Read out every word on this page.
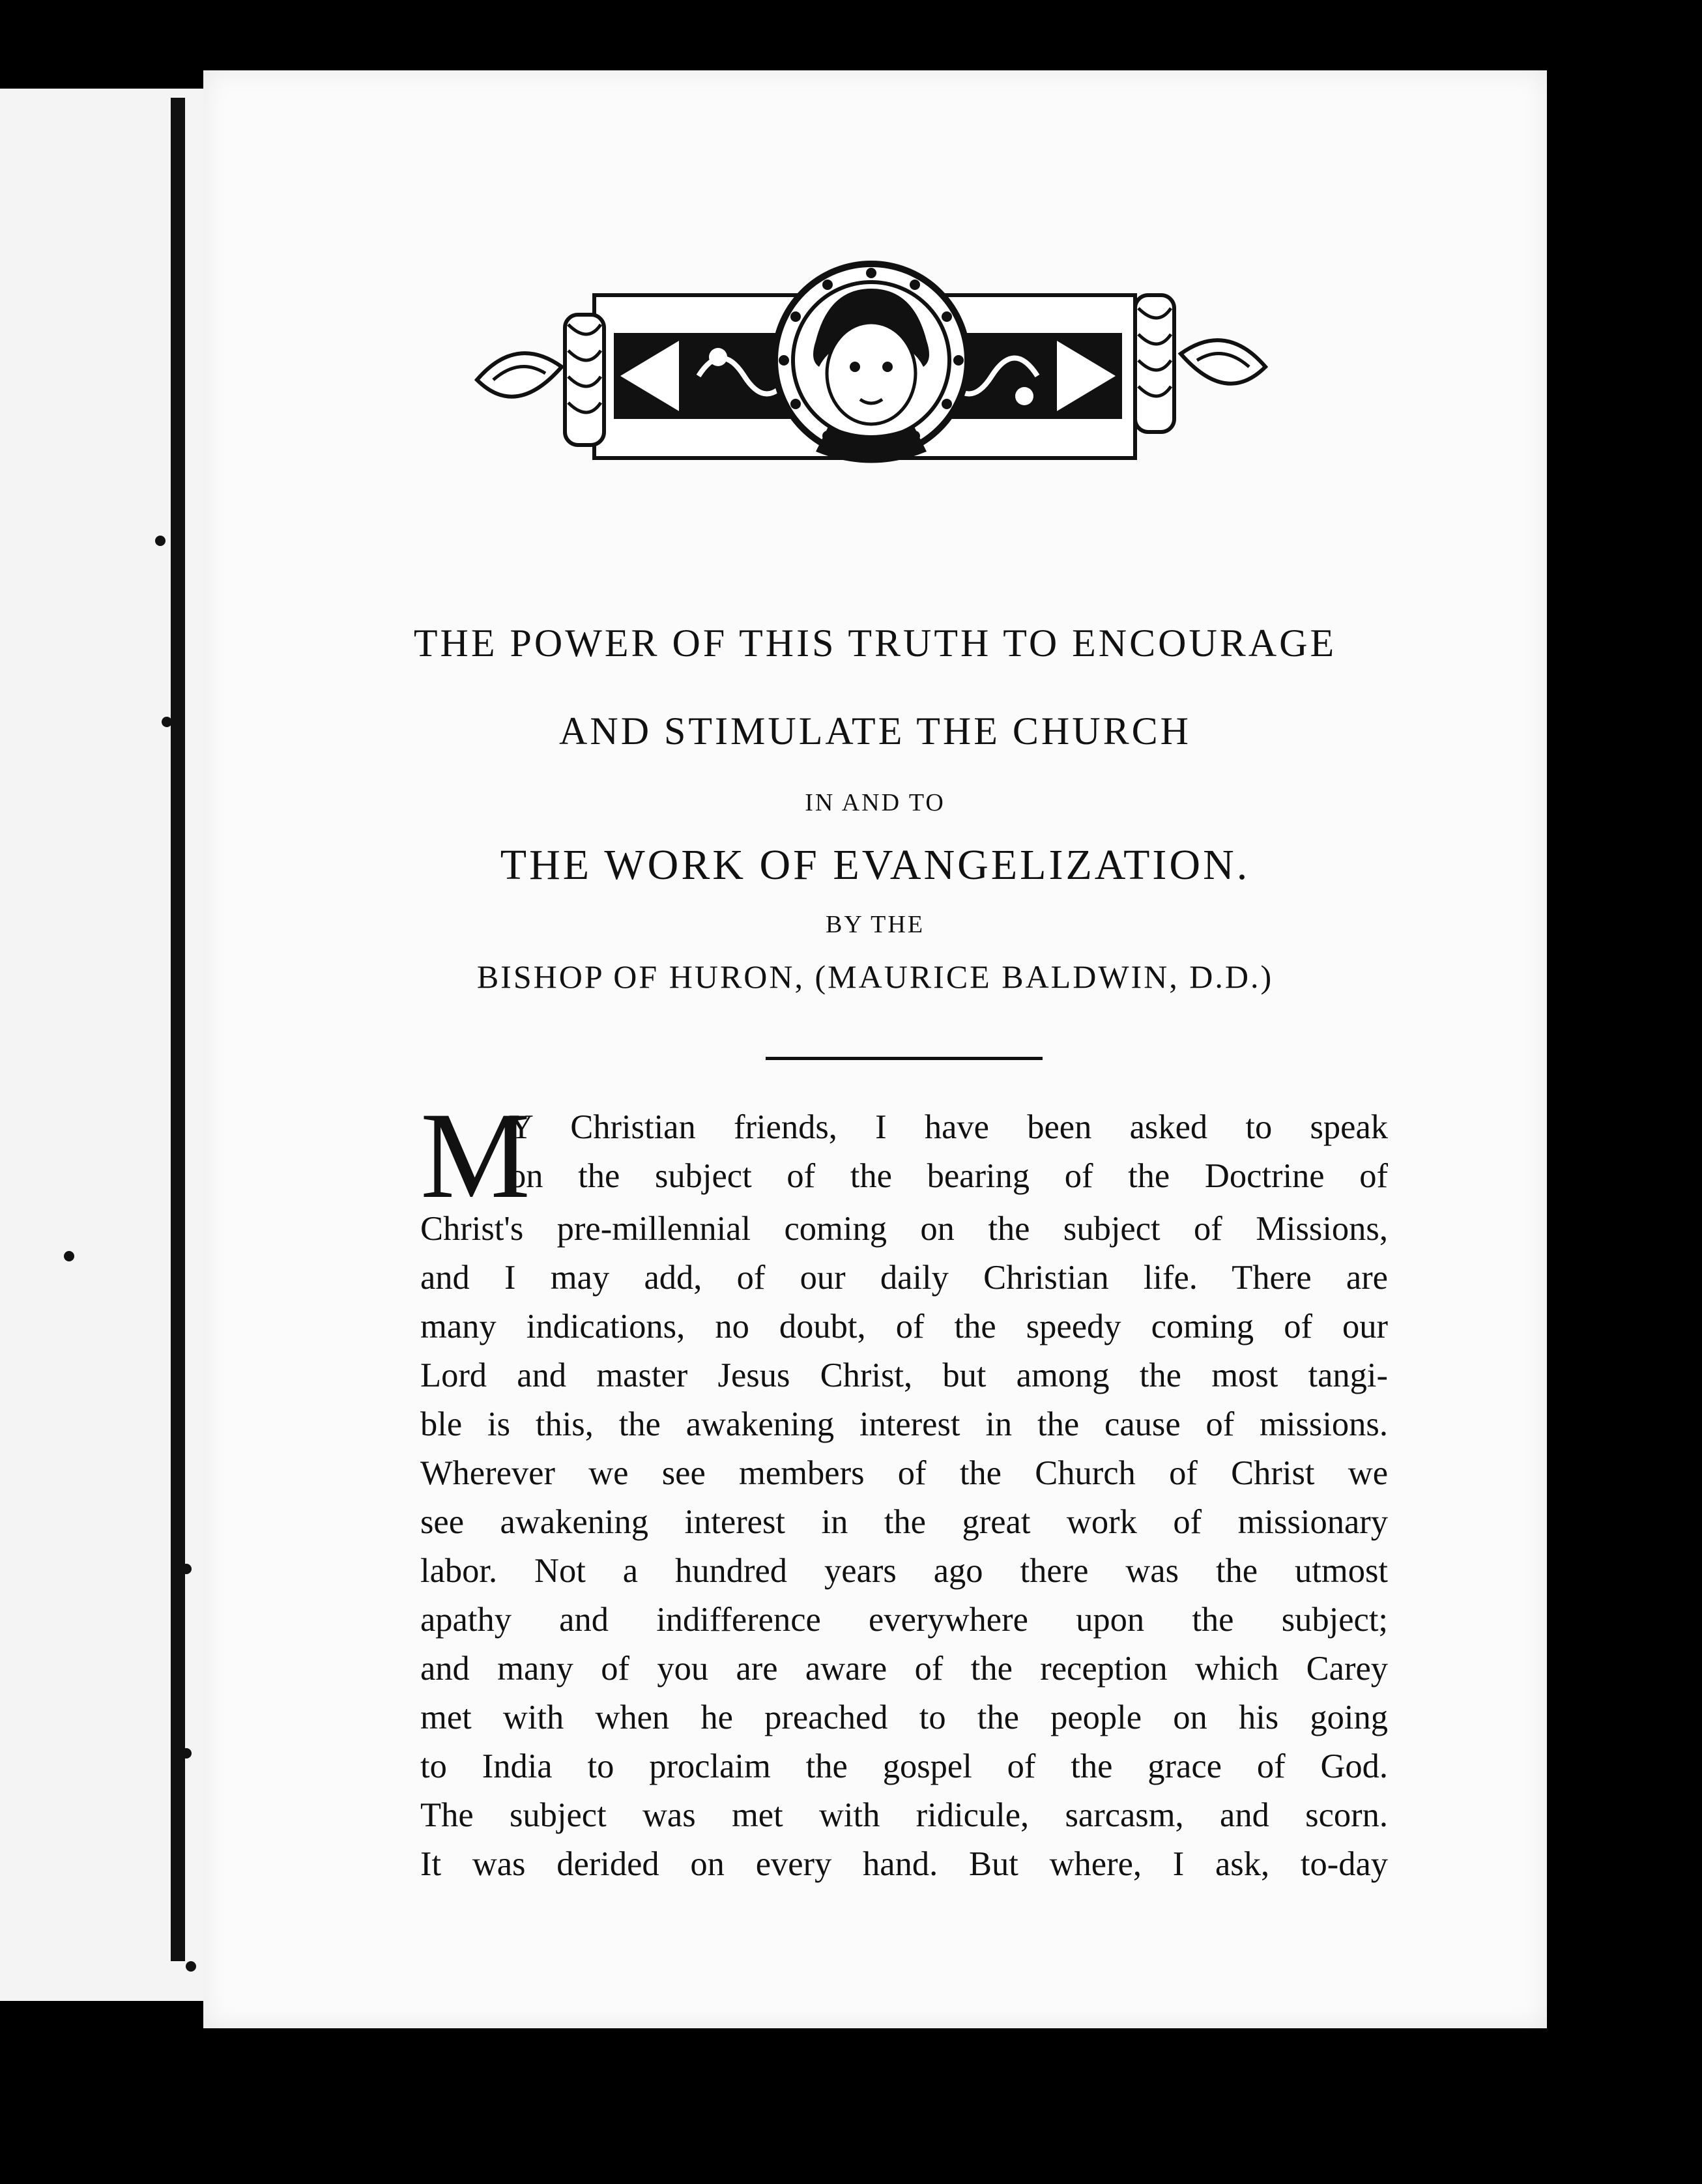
THE POWER OF THIS TRUTH TO ENCOURAGE
AND STIMULATE THE CHURCH
IN AND TO
THE WORK OF EVANGELIZATION.
BY THE
BISHOP OF HURON, (MAURICE BALDWIN, D.D.)
M
Y Christian friends, I have been asked to speak
on the subject of the bearing of the Doctrine of
Christ's pre-millennial coming on the subject of Missions,
and I may add, of our daily Christian life. There are
many indications, no doubt, of the speedy coming of our
Lord and master Jesus Christ, but among the most tangi-
ble is this, the awakening interest in the cause of missions.
Wherever we see members of the Church of Christ we
see awakening interest in the great work of missionary
labor. Not a hundred years ago there was the utmost
apathy and indifference everywhere upon the subject;
and many of you are aware of the reception which Carey
met with when he preached to the people on his going
to India to proclaim the gospel of the grace of God.
The subject was met with ridicule, sarcasm, and scorn.
It was derided on every hand. But where, I ask, to-day
